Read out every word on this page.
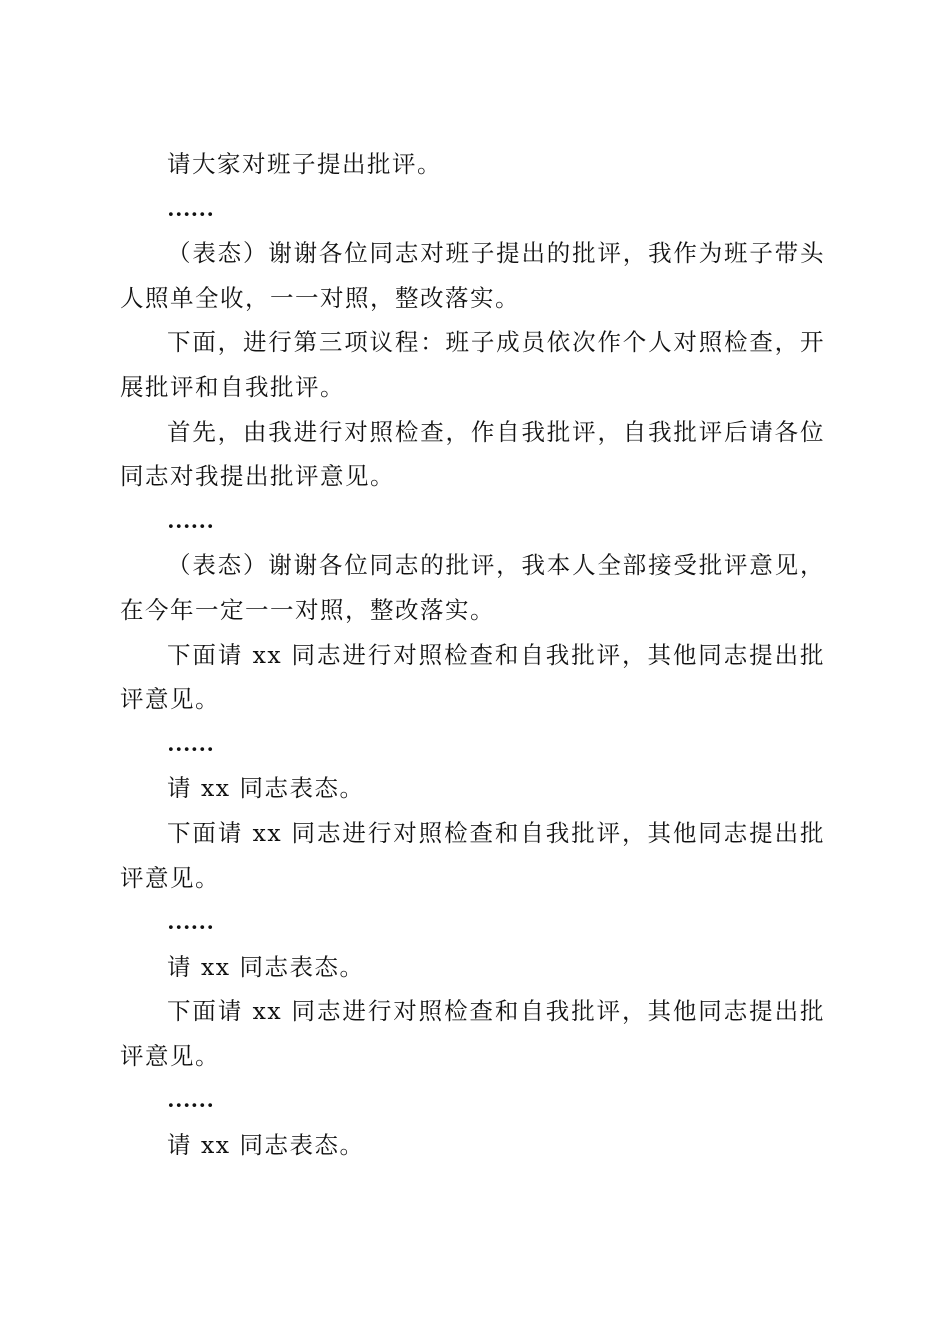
请大家对班子提出批评。

……

（表态）谢谢各位同志对班子提出的批评，我作为班子带头人照单全收，一一对照，整改落实。

下面，进行第三项议程：班子成员依次作个人对照检查，开展批评和自我批评。

首先，由我进行对照检查，作自我批评，自我批评后请各位同志对我提出批评意见。

……

（表态）谢谢各位同志的批评，我本人全部接受批评意见，在今年一定一一对照，整改落实。

下面请 xx 同志进行对照检查和自我批评，其他同志提出批评意见。

……

请 xx 同志表态。

下面请 xx 同志进行对照检查和自我批评，其他同志提出批评意见。

……

请 xx 同志表态。

下面请 xx 同志进行对照检查和自我批评，其他同志提出批评意见。

……

请 xx 同志表态。
